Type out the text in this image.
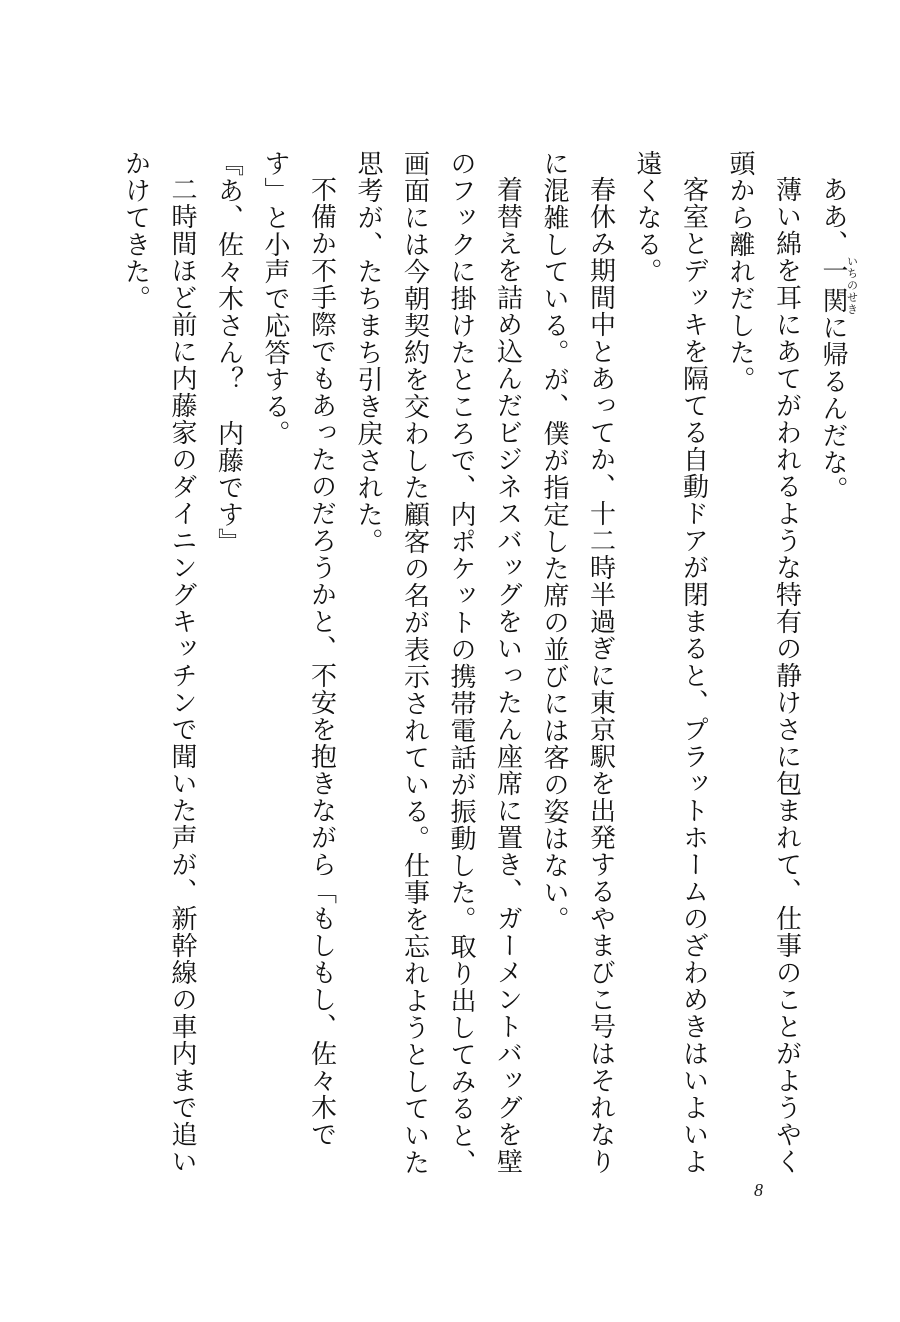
ああ、一関いちのせきに帰るんだな。

薄い綿を耳にあてがわれるような特有の静けさに包まれて、仕事のことがようやく頭から離れだした。

客室とデッキを隔てる自動ドアが閉まると、プラットホームのざわめきはいよいよ遠くなる。

春休み期間中とあってか、十二時半過ぎに東京駅を出発するやまびこ号はそれなりに混雑している。が、僕が指定した席の並びには客の姿はない。

着替えを詰め込んだビジネスバッグをいったん座席に置き、ガーメントバッグを壁のフックに掛けたところで、内ポケットの携帯電話が振動した。取り出してみると、画面には今朝契約を交わした顧客の名が表示されている。仕事を忘れようとしていた思考が、たちまち引き戻された。

不備か不手際でもあったのだろうかと、不安を抱きながら「もしもし、佐々木です」と小声で応答する。

『あ、佐々木さん？　内藤です』

二時間ほど前に内藤家のダイニングキッチンで聞いた声が、新幹線の車内まで追いかけてきた。

8
